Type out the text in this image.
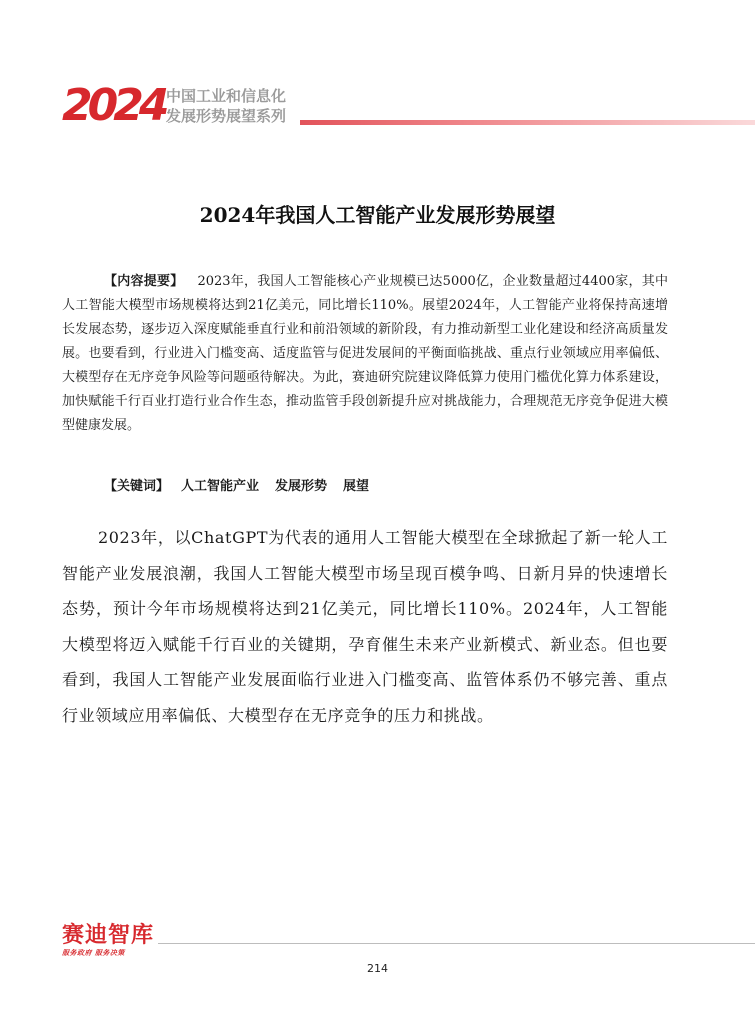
2024 中国工业和信息化
发展形势展望系列
2024年我国人工智能产业发展形势展望
【内容提要】 2023年，我国人工智能核心产业规模已达5000亿，企业数量超过4400家，其中人工智能大模型市场规模将达到21亿美元，同比增长110%。展望2024年，人工智能产业将保持高速增长发展态势，逐步迈入深度赋能垂直行业和前沿领域的新阶段，有力推动新型工业化建设和经济高质量发展。也要看到，行业进入门槛变高、适度监管与促进发展间的平衡面临挑战、重点行业领域应用率偏低、大模型存在无序竞争风险等问题亟待解决。为此，赛迪研究院建议降低算力使用门槛优化算力体系建设，加快赋能千行百业打造行业合作生态，推动监管手段创新提升应对挑战能力，合理规范无序竞争促进大模型健康发展。
【关键词】 人工智能产业 发展形势 展望
2023年，以ChatGPT为代表的通用人工智能大模型在全球掀起了新一轮人工智能产业发展浪潮，我国人工智能大模型市场呈现百模争鸣、日新月异的快速增长态势，预计今年市场规模将达到21亿美元，同比增长110%。2024年，人工智能大模型将迈入赋能千行百业的关键期，孕育催生未来产业新模式、新业态。但也要看到，我国人工智能产业发展面临行业进入门槛变高、监管体系仍不够完善、重点行业领域应用率偏低、大模型存在无序竞争的压力和挑战。
赛迪智库
服务政府 服务决策
214
